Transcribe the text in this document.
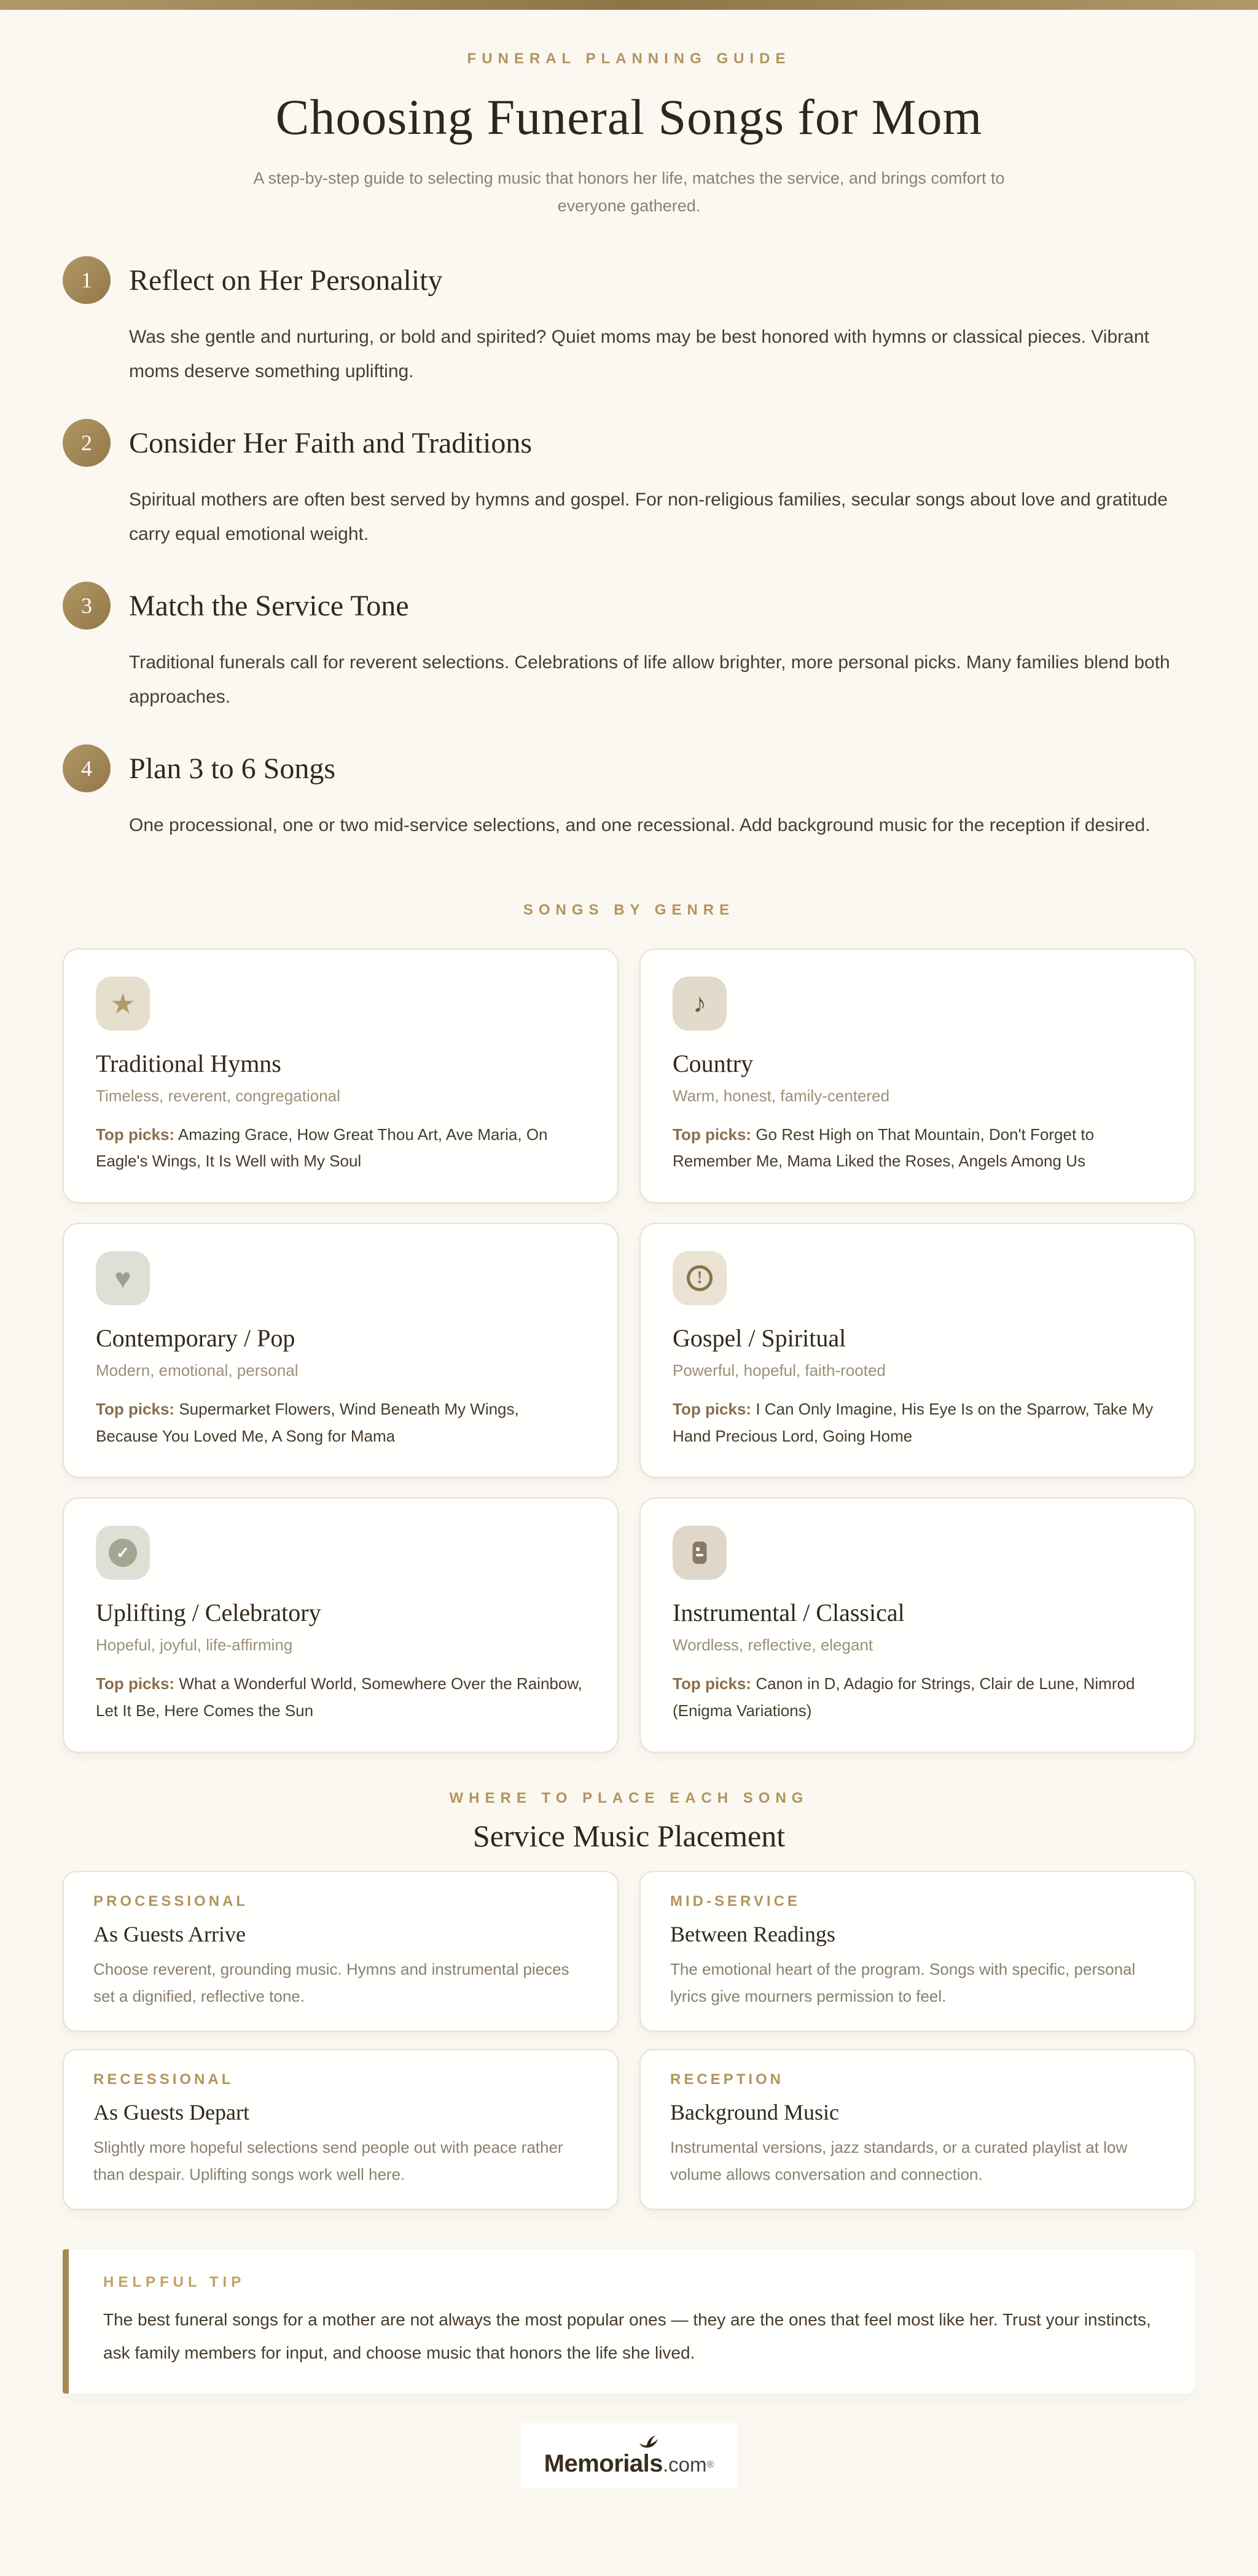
FUNERAL PLANNING GUIDE
Choosing Funeral Songs for Mom

A step-by-step guide to selecting music that honors her life, matches the service, and brings comfort to everyone gathered.

1	Reflect on Her Personality

Was she gentle and nurturing, or bold and spirited? Quiet moms may be best honored with hymns or classical pieces. Vibrant moms deserve something uplifting.

2	Consider Her Faith and Traditions

Spiritual mothers are often best served by hymns and gospel. For non-religious families, secular songs about love and gratitude carry equal emotional weight.

3	Match the Service Tone

Traditional funerals call for reverent selections. Celebrations of life allow brighter, more personal picks. Many families blend both approaches.

4	Plan 3 to 6 Songs

One processional, one or two mid-service selections, and one recessional. Add background music for the reception if desired.

SONGS BY GENRE
★
Traditional Hymns
Timeless, reverent, congregational

Top picks: Amazing Grace, How Great Thou Art, Ave Maria, On Eagle's Wings, It Is Well with My Soul

♪
Country
Warm, honest, family-centered

Top picks: Go Rest High on That Mountain, Don't Forget to Remember Me, Mama Liked the Roses, Angels Among Us

♥
Contemporary / Pop
Modern, emotional, personal

Top picks: Supermarket Flowers, Wind Beneath My Wings, Because You Loved Me, A Song for Mama

!
Gospel / Spiritual
Powerful, hopeful, faith-rooted

Top picks: I Can Only Imagine, His Eye Is on the Sparrow, Take My Hand Precious Lord, Going Home

✓
Uplifting / Celebratory
Hopeful, joyful, life-affirming

Top picks: What a Wonderful World, Somewhere Over the Rainbow, Let It Be, Here Comes the Sun

Instrumental / Classical
Wordless, reflective, elegant

Top picks: Canon in D, Adagio for Strings, Clair de Lune, Nimrod (Enigma Variations)

WHERE TO PLACE EACH SONG
Service Music Placement
PROCESSIONAL
As Guests Arrive

Choose reverent, grounding music. Hymns and instrumental pieces set a dignified, reflective tone.

MID-SERVICE
Between Readings

The emotional heart of the program. Songs with specific, personal lyrics give mourners permission to feel.

RECESSIONAL
As Guests Depart

Slightly more hopeful selections send people out with peace rather than despair. Uplifting songs work well here.

RECEPTION
Background Music

Instrumental versions, jazz standards, or a curated playlist at low volume allows conversation and connection.

HELPFUL TIP

The best funeral songs for a mother are not always the most popular ones — they are the ones that feel most like her. Trust your instincts, ask family members for input, and choose music that honors the life she lived.

Memorials.com®
